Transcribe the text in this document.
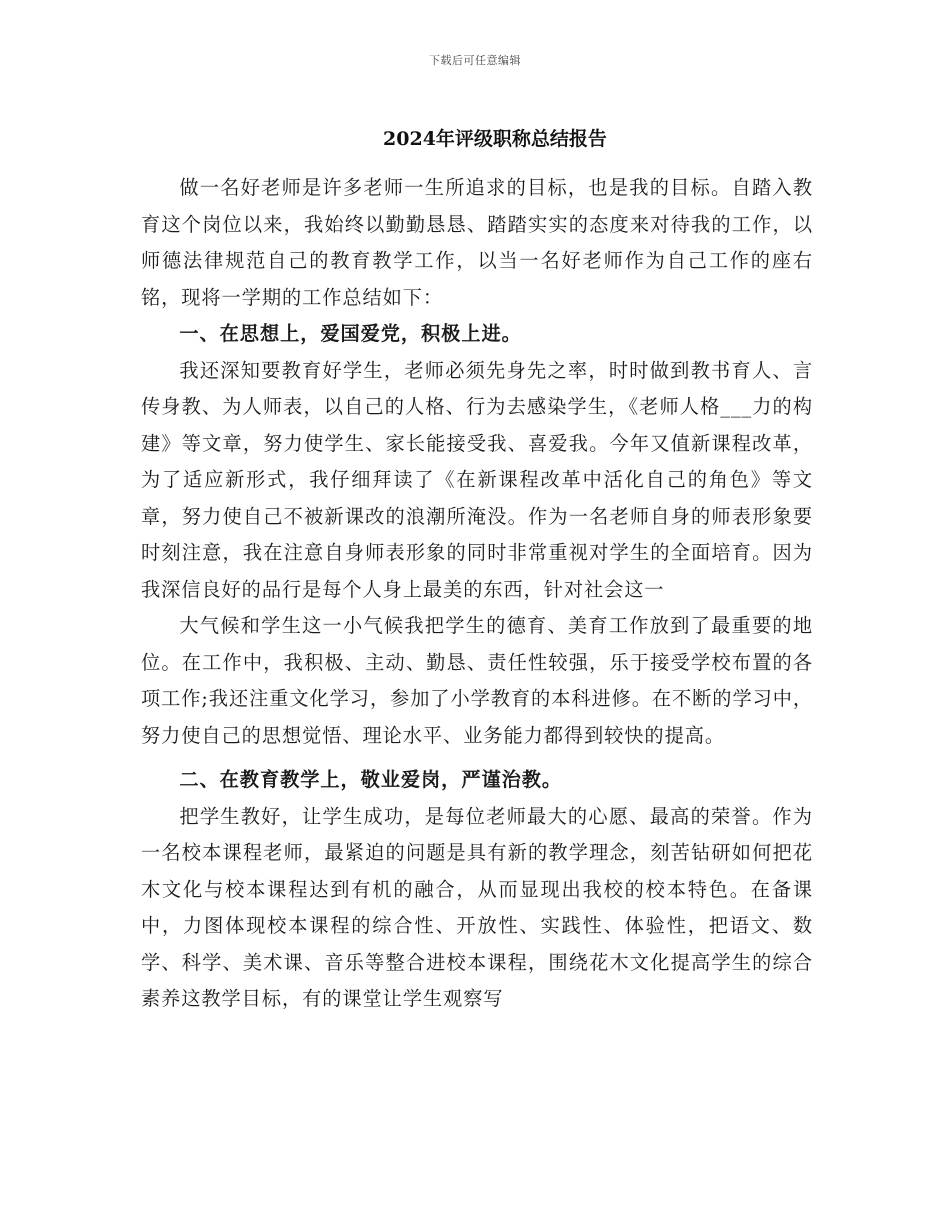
下载后可任意编辑
2024年评级职称总结报告

做一名好老师是许多老师一生所追求的目标，也是我的目标。自踏入教育这个岗位以来，我始终以勤勤恳恳、踏踏实实的态度来对待我的工作，以师德法律规范自己的教育教学工作，以当一名好老师作为自己工作的座右铭，现将一学期的工作总结如下：

一、在思想上，爱国爱党，积极上进。

我还深知要教育好学生，老师必须先身先之率，时时做到教书育人、言传身教、为人师表，以自己的人格、行为去感染学生，《老师人格___力的构建》等文章，努力使学生、家长能接受我、喜爱我。今年又值新课程改革，为了适应新形式，我仔细拜读了《在新课程改革中活化自己的角色》等文章，努力使自己不被新课改的浪潮所淹没。作为一名老师自身的师表形象要时刻注意，我在注意自身师表形象的同时非常重视对学生的全面培育。因为我深信良好的品行是每个人身上最美的东西，针对社会这一

大气候和学生这一小气候我把学生的德育、美育工作放到了最重要的地位。在工作中，我积极、主动、勤恳、责任性较强，乐于接受学校布置的各项工作;我还注重文化学习，参加了小学教育的本科进修。在不断的学习中，努力使自己的思想觉悟、理论水平、业务能力都得到较快的提高。

二、在教育教学上，敬业爱岗，严谨治教。

把学生教好，让学生成功，是每位老师最大的心愿、最高的荣誉。作为一名校本课程老师，最紧迫的问题是具有新的教学理念，刻苦钻研如何把花木文化与校本课程达到有机的融合，从而显现出我校的校本特色。在备课中，力图体现校本课程的综合性、开放性、实践性、体验性，把语文、数学、科学、美术课、音乐等整合进校本课程，围绕花木文化提高学生的综合素养这教学目标，有的课堂让学生观察写
